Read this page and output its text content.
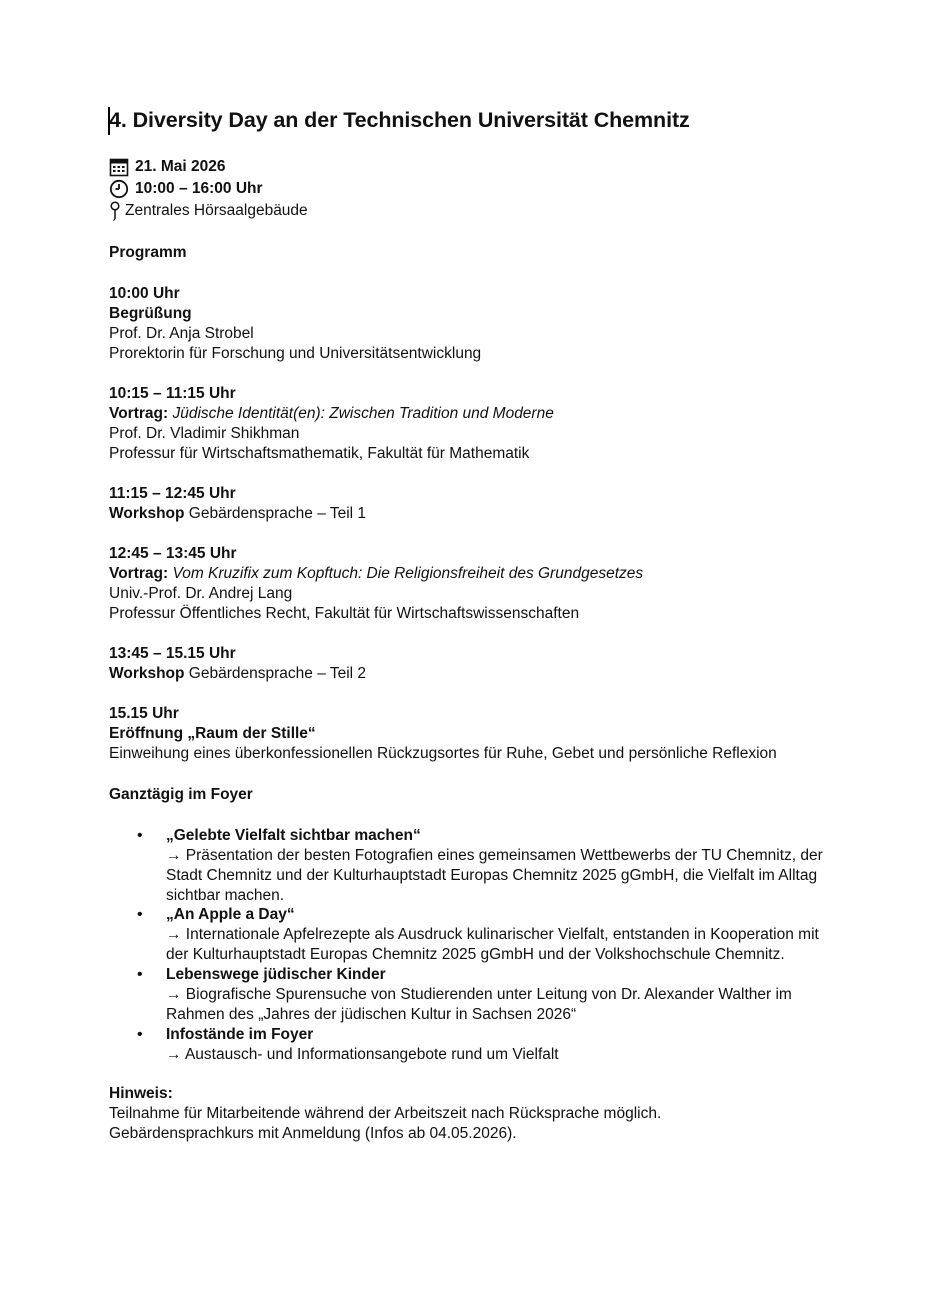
4. Diversity Day an der Technischen Universität Chemnitz
21. Mai 2026
10:00 – 16:00 Uhr
Zentrales Hörsaalgebäude
Programm
10:00 Uhr
Begrüßung
Prof. Dr. Anja Strobel
Prorektorin für Forschung und Universitätsentwicklung
10:15 – 11:15 Uhr
Vortrag: Jüdische Identität(en): Zwischen Tradition und Moderne
Prof. Dr. Vladimir Shikhman
Professur für Wirtschaftsmathematik, Fakultät für Mathematik
11:15 – 12:45 Uhr
Workshop Gebärdensprache – Teil 1
12:45 – 13:45 Uhr
Vortrag: Vom Kruzifix zum Kopftuch: Die Religionsfreiheit des Grundgesetzes
Univ.-Prof. Dr. Andrej Lang
Professur Öffentliches Recht, Fakultät für Wirtschaftswissenschaften
13:45 – 15.15 Uhr
Workshop Gebärdensprache – Teil 2
15.15 Uhr
Eröffnung „Raum der Stille“
Einweihung eines überkonfessionellen Rückzugsortes für Ruhe, Gebet und persönliche Reflexion
Ganztägig im Foyer
• „Gelebte Vielfalt sichtbar machen“
→ Präsentation der besten Fotografien eines gemeinsamen Wettbewerbs der TU Chemnitz, der Stadt Chemnitz und der Kulturhauptstadt Europas Chemnitz 2025 gGmbH, die Vielfalt im Alltag sichtbar machen.
• „An Apple a Day“
→ Internationale Apfelrezepte als Ausdruck kulinarischer Vielfalt, entstanden in Kooperation mit der Kulturhauptstadt Europas Chemnitz 2025 gGmbH und der Volkshochschule Chemnitz.
• Lebenswege jüdischer Kinder
→ Biografische Spurensuche von Studierenden unter Leitung von Dr. Alexander Walther im Rahmen des „Jahres der jüdischen Kultur in Sachsen 2026“
• Infostände im Foyer
→ Austausch- und Informationsangebote rund um Vielfalt
Hinweis:
Teilnahme für Mitarbeitende während der Arbeitszeit nach Rücksprache möglich.
Gebärdensprachkurs mit Anmeldung (Infos ab 04.05.2026).
